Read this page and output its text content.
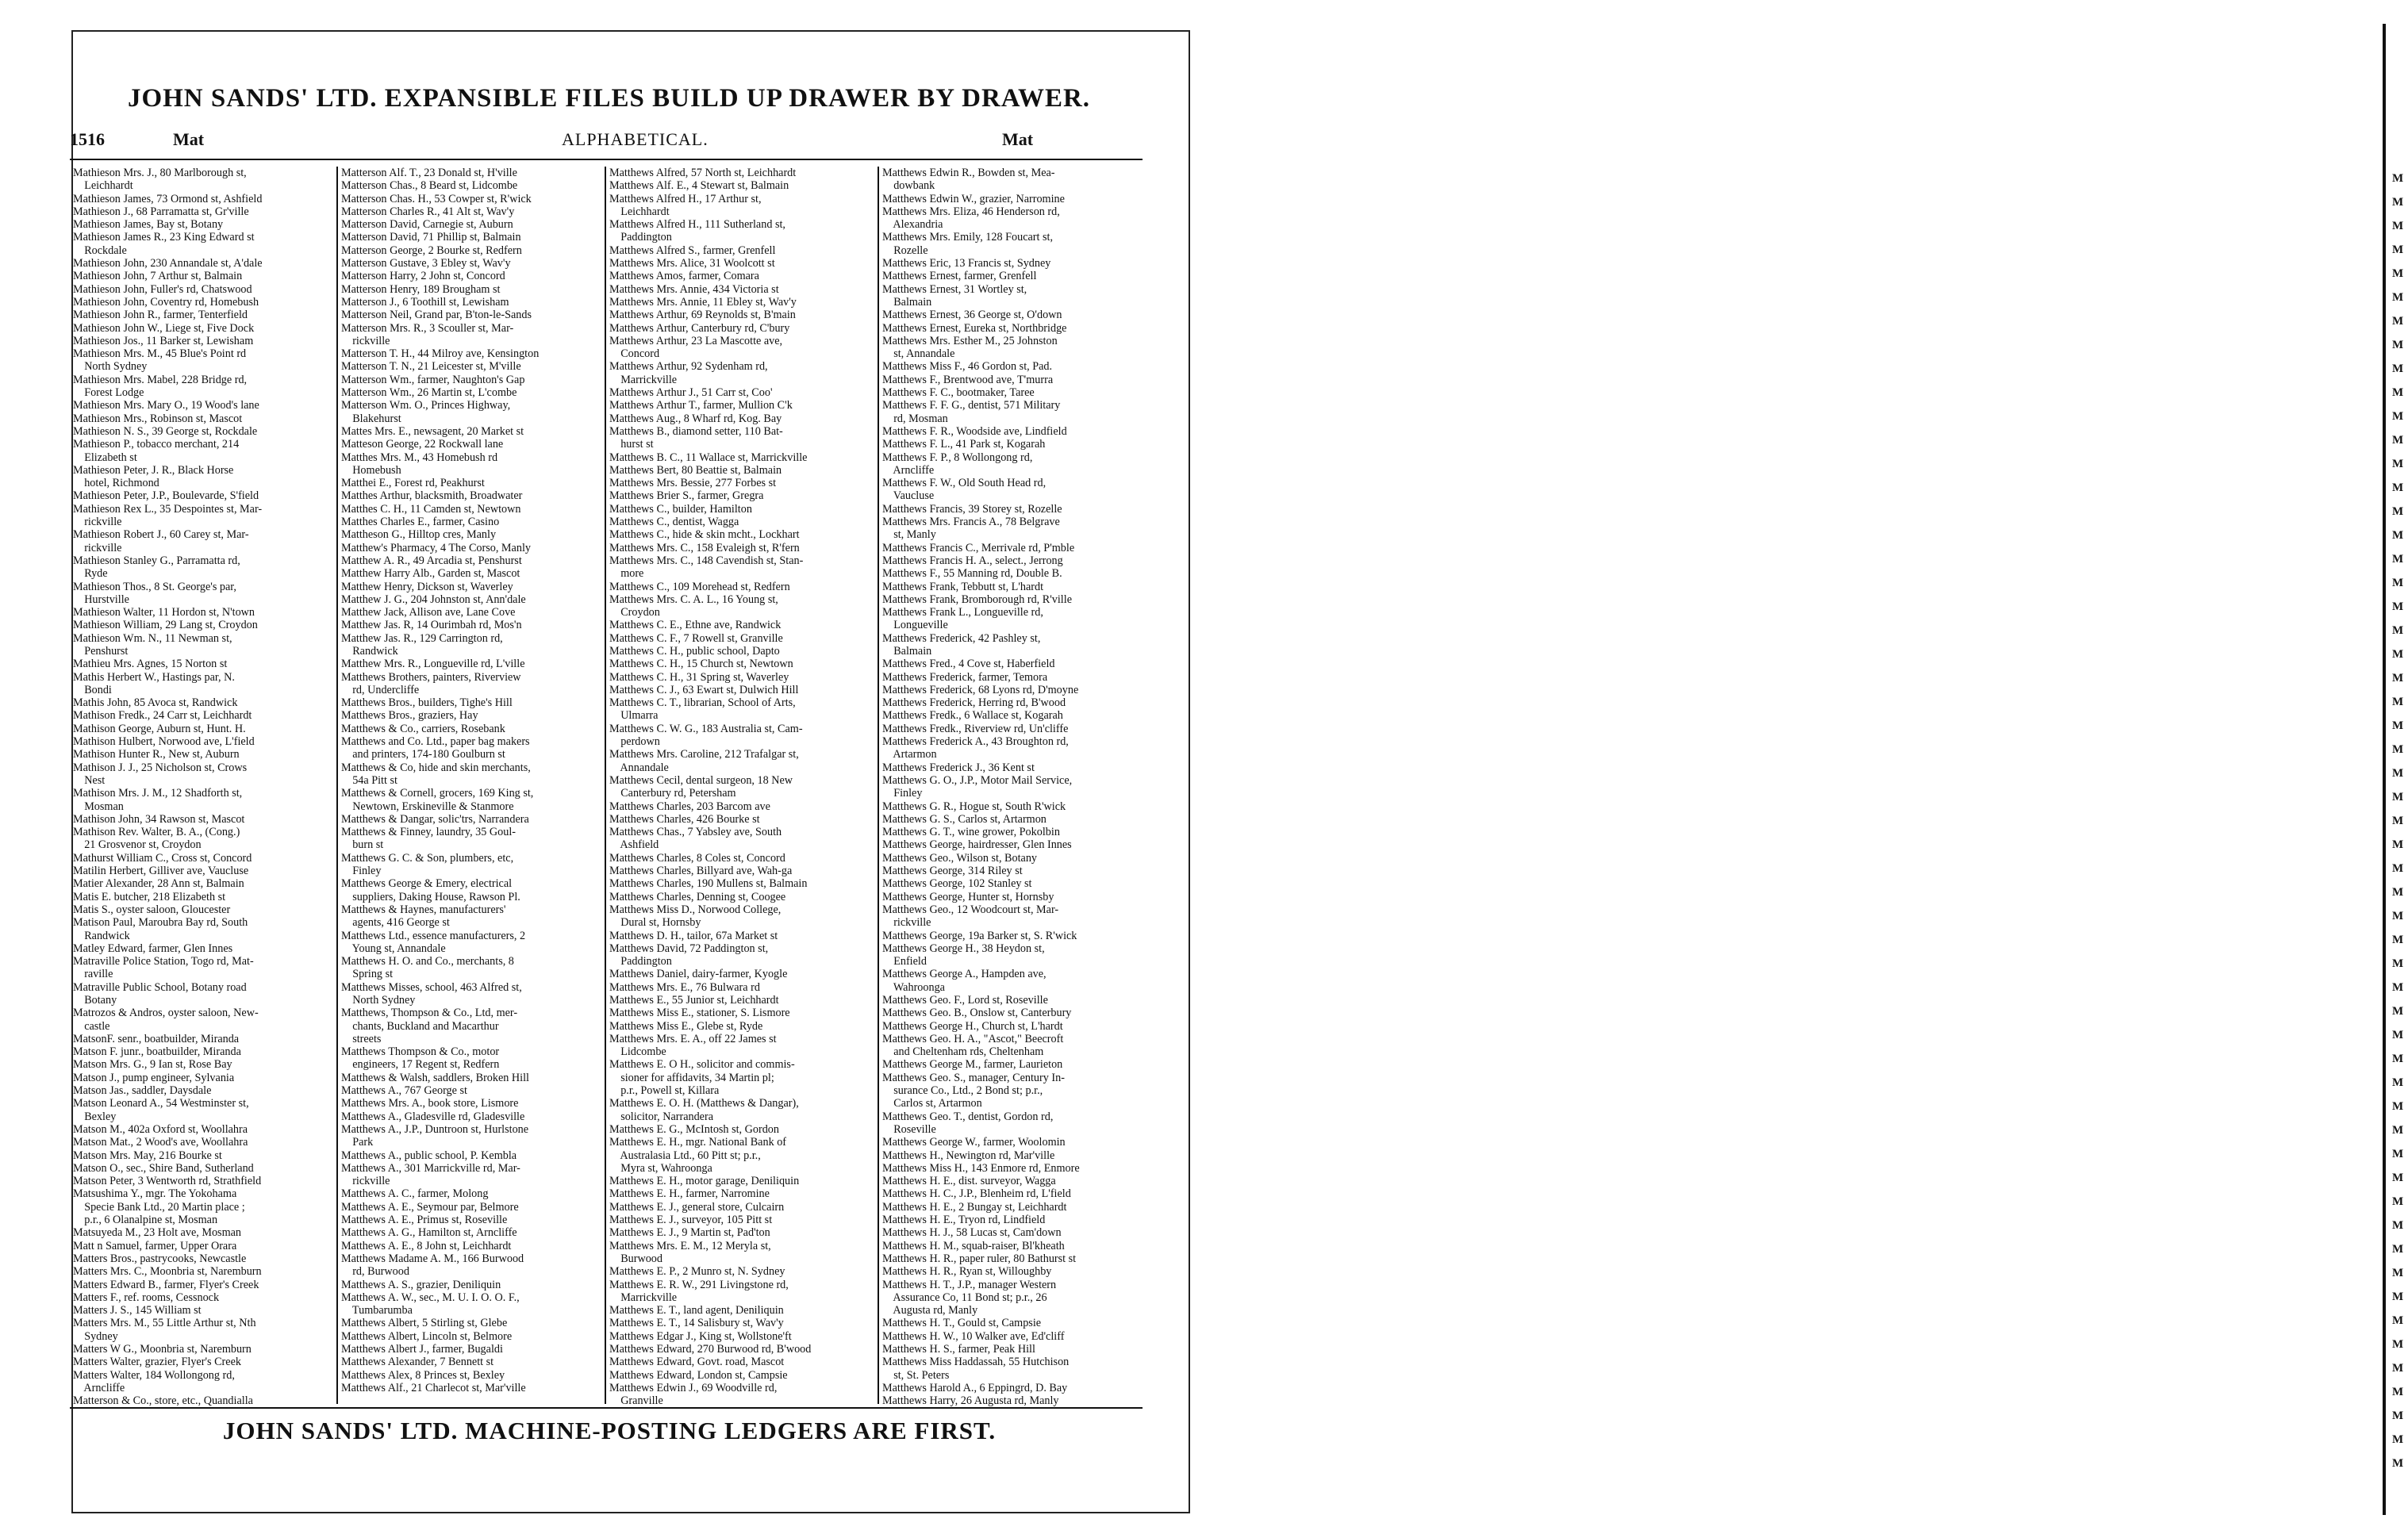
M
M
M
M
M
M
M
M
M
M
M
M
M
M
M
M
M
M
M
M
M
M
M
M
M
M
M
M
M
M
M
M
M
M
M
M
M
M
M
M
M
M
M
M
M
M
M
M
M
M
M
M
M
M
M
JOHN SANDS' LTD. EXPANSIBLE FILES BUILD UP DRAWER BY DRAWER.
1516	Mat	ALPHABETICAL.	Mat
Mathieson Mrs. J., 80 Marlborough st,
Leichhardt
Mathieson James, 73 Ormond st, Ashfield
Mathieson J., 68 Parramatta st, Gr'ville
Mathieson James, Bay st, Botany
Mathieson James R., 23 King Edward st
Rockdale
Mathieson John, 230 Annandale st, A'dale
Mathieson John, 7 Arthur st, Balmain
Mathieson John, Fuller's rd, Chatswood
Mathieson John, Coventry rd, Homebush
Mathieson John R., farmer, Tenterfield
Mathieson John W., Liege st, Five Dock
Mathieson Jos., 11 Barker st, Lewisham
Mathieson Mrs. M., 45 Blue's Point rd
North Sydney
Mathieson Mrs. Mabel, 228 Bridge rd,
Forest Lodge
Mathieson Mrs. Mary O., 19 Wood's lane
Mathieson Mrs., Robinson st, Mascot
Mathieson N. S., 39 George st, Rockdale
Mathieson P., tobacco merchant, 214
Elizabeth st
Mathieson Peter, J. R., Black Horse
hotel, Richmond
Mathieson Peter, J.P., Boulevarde, S'field
Mathieson Rex L., 35 Despointes st, Mar-
rickville
Mathieson Robert J., 60 Carey st, Mar-
rickville
Mathieson Stanley G., Parramatta rd,
Ryde
Mathieson Thos., 8 St. George's par,
Hurstville
Mathieson Walter, 11 Hordon st, N'town
Mathieson William, 29 Lang st, Croydon
Mathieson Wm. N., 11 Newman st,
Penshurst
Mathieu Mrs. Agnes, 15 Norton st
Mathis Herbert W., Hastings par, N.
Bondi
Mathis John, 85 Avoca st, Randwick
Mathison Fredk., 24 Carr st, Leichhardt
Mathison George, Auburn st, Hunt. H.
Mathison Hulbert, Norwood ave, L'field
Mathison Hunter R., New st, Auburn
Mathison J. J., 25 Nicholson st, Crows
Nest
Mathison Mrs. J. M., 12 Shadforth st,
Mosman
Mathison John, 34 Rawson st, Mascot
Mathison Rev. Walter, B. A., (Cong.)
21 Grosvenor st, Croydon
Mathurst William C., Cross st, Concord
Matilin Herbert, Gilliver ave, Vaucluse
Matier Alexander, 28 Ann st, Balmain
Matis E. butcher, 218 Elizabeth st
Matis S., oyster saloon, Gloucester
Matison Paul, Maroubra Bay rd, South
Randwick
Matley Edward, farmer, Glen Innes
Matraville Police Station, Togo rd, Mat-
raville
Matraville Public School, Botany road
Botany
Matrozos & Andros, oyster saloon, New-
castle
MatsonF. senr., boatbuilder, Miranda
Matson F. junr., boatbuilder, Miranda
Matson Mrs. G., 9 Ian st, Rose Bay
Matson J., pump engineer, Sylvania
Matson Jas., saddler, Daysdale
Matson Leonard A., 54 Westminster st,
Bexley
Matson M., 402a Oxford st, Woollahra
Matson Mat., 2 Wood's ave, Woollahra
Matson Mrs. May, 216 Bourke st
Matson O., sec., Shire Band, Sutherland
Matson Peter, 3 Wentworth rd, Strathfield
Matsushima Y., mgr. The Yokohama
Specie Bank Ltd., 20 Martin place ;
p.r., 6 Olanalpine st, Mosman
Matsuyeda M., 23 Holt ave, Mosman
Matt n Samuel, farmer, Upper Orara
Matters Bros., pastrycooks, Newcastle
Matters Mrs. C., Moonbria st, Naremburn
Matters Edward B., farmer, Flyer's Creek
Matters F., ref. rooms, Cessnock
Matters J. S., 145 William st
Matters Mrs. M., 55 Little Arthur st, Nth
Sydney
Matters W G., Moonbria st, Naremburn
Matters Walter, grazier, Flyer's Creek
Matters Walter, 184 Wollongong rd,
Arncliffe
Matterson & Co., store, etc., Quandialla
Matterson Alf. T., 23 Donald st, H'ville
Matterson Chas., 8 Beard st, Lidcombe
Matterson Chas. H., 53 Cowper st, R'wick
Matterson Charles R., 41 Alt st, Wav'y
Matterson David, Carnegie st, Auburn
Matterson David, 71 Phillip st, Balmain
Matterson George, 2 Bourke st, Redfern
Matterson Gustave, 3 Ebley st, Wav'y
Matterson Harry, 2 John st, Concord
Matterson Henry, 189 Brougham st
Matterson J., 6 Toothill st, Lewisham
Matterson Neil, Grand par, B'ton-le-Sands
Matterson Mrs. R., 3 Scouller st, Mar-
rickville
Matterson T. H., 44 Milroy ave, Kensington
Matterson T. N., 21 Leicester st, M'ville
Matterson Wm., farmer, Naughton's Gap
Matterson Wm., 26 Martin st, L'combe
Matterson Wm. O., Princes Highway,
Blakehurst
Mattes Mrs. E., newsagent, 20 Market st
Matteson George, 22 Rockwall lane
Matthes Mrs. M., 43 Homebush rd
Homebush
Matthei E., Forest rd, Peakhurst
Matthes Arthur, blacksmith, Broadwater
Matthes C. H., 11 Camden st, Newtown
Matthes Charles E., farmer, Casino
Mattheson G., Hilltop cres, Manly
Matthew's Pharmacy, 4 The Corso, Manly
Matthew A. R., 49 Arcadia st, Penshurst
Matthew Harry Alb., Garden st, Mascot
Matthew Henry, Dickson st, Waverley
Matthew J. G., 204 Johnston st, Ann'dale
Matthew Jack, Allison ave, Lane Cove
Matthew Jas. R, 14 Ourimbah rd, Mos'n
Matthew Jas. R., 129 Carrington rd,
Randwick
Matthew Mrs. R., Longueville rd, L'ville
Matthews Brothers, painters, Riverview
rd, Undercliffe
Matthews Bros., builders, Tighe's Hill
Matthews Bros., graziers, Hay
Matthews & Co., carriers, Rosebank
Matthews and Co. Ltd., paper bag makers
and printers, 174-180 Goulburn st
Matthews & Co, hide and skin merchants,
54a Pitt st
Matthews & Cornell, grocers, 169 King st,
Newtown, Erskineville & Stanmore
Matthews & Dangar, solic'trs, Narrandera
Matthews & Finney, laundry, 35 Goul-
burn st
Matthews G. C. & Son, plumbers, etc,
Finley
Matthews George & Emery, electrical
suppliers, Daking House, Rawson Pl.
Matthews & Haynes, manufacturers'
agents, 416 George st
Matthews Ltd., essence manufacturers, 2
Young st, Annandale
Matthews H. O. and Co., merchants, 8
Spring st
Matthews Misses, school, 463 Alfred st,
North Sydney
Matthews, Thompson & Co., Ltd, mer-
chants, Buckland and Macarthur
streets
Matthews Thompson & Co., motor
engineers, 17 Regent st, Redfern
Matthews & Walsh, saddlers, Broken Hill
Matthews A., 767 George st
Matthews Mrs. A., book store, Lismore
Matthews A., Gladesville rd, Gladesville
Matthews A., J.P., Duntroon st, Hurlstone
Park
Matthews A., public school, P. Kembla
Matthews A., 301 Marrickville rd, Mar-
rickville
Matthews A. C., farmer, Molong
Matthews A. E., Seymour par, Belmore
Matthews A. E., Primus st, Roseville
Matthews A. G., Hamilton st, Arncliffe
Matthews A. E., 8 John st, Leichhardt
Matthews Madame A. M., 166 Burwood
rd, Burwood
Matthews A. S., grazier, Deniliquin
Matthews A. W., sec., M. U. I. O. O. F.,
Tumbarumba
Matthews Albert, 5 Stirling st, Glebe
Matthews Albert, Lincoln st, Belmore
Matthews Albert J., farmer, Bugaldi
Matthews Alexander, 7 Bennett st
Matthews Alex, 8 Princes st, Bexley
Matthews Alf., 21 Charlecot st, Mar'ville
Matthews Alfred, 57 North st, Leichhardt
Matthews Alf. E., 4 Stewart st, Balmain
Matthews Alfred H., 17 Arthur st,
Leichhardt
Matthews Alfred H., 111 Sutherland st,
Paddington
Matthews Alfred S., farmer, Grenfell
Matthews Mrs. Alice, 31 Woolcott st
Matthews Amos, farmer, Comara
Matthews Mrs. Annie, 434 Victoria st
Matthews Mrs. Annie, 11 Ebley st, Wav'y
Matthews Arthur, 69 Reynolds st, B'main
Matthews Arthur, Canterbury rd, C'bury
Matthews Arthur, 23 La Mascotte ave,
Concord
Matthews Arthur, 92 Sydenham rd,
Marrickville
Matthews Arthur J., 51 Carr st, Coo'
Matthews Arthur T., farmer, Mullion C'k
Matthews Aug., 8 Wharf rd, Kog. Bay
Matthews B., diamond setter, 110 Bat-
hurst st
Matthews B. C., 11 Wallace st, Marrickville
Matthews Bert, 80 Beattie st, Balmain
Matthews Mrs. Bessie, 277 Forbes st
Matthews Brier S., farmer, Gregra
Matthews C., builder, Hamilton
Matthews C., dentist, Wagga
Matthews C., hide & skin mcht., Lockhart
Matthews Mrs. C., 158 Evaleigh st, R'fern
Matthews Mrs. C., 148 Cavendish st, Stan-
more
Matthews C., 109 Morehead st, Redfern
Matthews Mrs. C. A. L., 16 Young st,
Croydon
Matthews C. E., Ethne ave, Randwick
Matthews C. F., 7 Rowell st, Granville
Matthews C. H., public school, Dapto
Matthews C. H., 15 Church st, Newtown
Matthews C. H., 31 Spring st, Waverley
Matthews C. J., 63 Ewart st, Dulwich Hill
Matthews C. T., librarian, School of Arts,
Ulmarra
Matthews C. W. G., 183 Australia st, Cam-
perdown
Matthews Mrs. Caroline, 212 Trafalgar st,
Annandale
Matthews Cecil, dental surgeon, 18 New
Canterbury rd, Petersham
Matthews Charles, 203 Barcom ave
Matthews Charles, 426 Bourke st
Matthews Chas., 7 Yabsley ave, South
Ashfield
Matthews Charles, 8 Coles st, Concord
Matthews Charles, Billyard ave, Wah-ga
Matthews Charles, 190 Mullens st, Balmain
Matthews Charles, Denning st, Coogee
Matthews Miss D., Norwood College,
Dural st, Hornsby
Matthews D. H., tailor, 67a Market st
Matthews David, 72 Paddington st,
Paddington
Matthews Daniel, dairy-farmer, Kyogle
Matthews Mrs. E., 76 Bulwara rd
Matthews E., 55 Junior st, Leichhardt
Matthews Miss E., stationer, S. Lismore
Matthews Miss E., Glebe st, Ryde
Matthews Mrs. E. A., off 22 James st
Lidcombe
Matthews E. O H., solicitor and commis-
sioner for affidavits, 34 Martin pl;
p.r., Powell st, Killara
Matthews E. O. H. (Matthews & Dangar),
solicitor, Narrandera
Matthews E. G., McIntosh st, Gordon
Matthews E. H., mgr. National Bank of
Australasia Ltd., 60 Pitt st; p.r.,
Myra st, Wahroonga
Matthews E. H., motor garage, Deniliquin
Matthews E. H., farmer, Narromine
Matthews E. J., general store, Culcairn
Matthews E. J., surveyor, 105 Pitt st
Matthews E. J., 9 Martin st, Pad'ton
Matthews Mrs. E. M., 12 Meryla st,
Burwood
Matthews E. P., 2 Munro st, N. Sydney
Matthews E. R. W., 291 Livingstone rd,
Marrickville
Matthews E. T., land agent, Deniliquin
Matthews E. T., 14 Salisbury st, Wav'y
Matthews Edgar J., King st, Wollstone'ft
Matthews Edward, 270 Burwood rd, B'wood
Matthews Edward, Govt. road, Mascot
Matthews Edward, London st, Campsie
Matthews Edwin J., 69 Woodville rd,
Granville
Matthews Edwin R., Bowden st, Mea-
dowbank
Matthews Edwin W., grazier, Narromine
Matthews Mrs. Eliza, 46 Henderson rd,
Alexandria
Matthews Mrs. Emily, 128 Foucart st,
Rozelle
Matthews Eric, 13 Francis st, Sydney
Matthews Ernest, farmer, Grenfell
Matthews Ernest, 31 Wortley st,
Balmain
Matthews Ernest, 36 George st, O'down
Matthews Ernest, Eureka st, Northbridge
Matthews Mrs. Esther M., 25 Johnston
st, Annandale
Matthews Miss F., 46 Gordon st, Pad.
Matthews F., Brentwood ave, T'murra
Matthews F. C., bootmaker, Taree
Matthews F. F. G., dentist, 571 Military
rd, Mosman
Matthews F. R., Woodside ave, Lindfield
Matthews F. L., 41 Park st, Kogarah
Matthews F. P., 8 Wollongong rd,
Arncliffe
Matthews F. W., Old South Head rd,
Vaucluse
Matthews Francis, 39 Storey st, Rozelle
Matthews Mrs. Francis A., 78 Belgrave
st, Manly
Matthews Francis C., Merrivale rd, P'mble
Matthews Francis H. A., select., Jerrong
Matthews F., 55 Manning rd, Double B.
Matthews Frank, Tebbutt st, L'hardt
Matthews Frank, Bromborough rd, R'ville
Matthews Frank L., Longueville rd,
Longueville
Matthews Frederick, 42 Pashley st,
Balmain
Matthews Fred., 4 Cove st, Haberfield
Matthews Frederick, farmer, Temora
Matthews Frederick, 68 Lyons rd, D'moyne
Matthews Frederick, Herring rd, B'wood
Matthews Fredk., 6 Wallace st, Kogarah
Matthews Fredk., Riverview rd, Un'cliffe
Matthews Frederick A., 43 Broughton rd,
Artarmon
Matthews Frederick J., 36 Kent st
Matthews G. O., J.P., Motor Mail Service,
Finley
Matthews G. R., Hogue st, South R'wick
Matthews G. S., Carlos st, Artarmon
Matthews G. T., wine grower, Pokolbin
Matthews George, hairdresser, Glen Innes
Matthews Geo., Wilson st, Botany
Matthews George, 314 Riley st
Matthews George, 102 Stanley st
Matthews George, Hunter st, Hornsby
Matthews Geo., 12 Woodcourt st, Mar-
rickville
Matthews George, 19a Barker st, S. R'wick
Matthews George H., 38 Heydon st,
Enfield
Matthews George A., Hampden ave,
Wahroonga
Matthews Geo. F., Lord st, Roseville
Matthews Geo. B., Onslow st, Canterbury
Matthews George H., Church st, L'hardt
Matthews Geo. H. A., "Ascot," Beecroft
and Cheltenham rds, Cheltenham
Matthews George M., farmer, Laurieton
Matthews Geo. S., manager, Century In-
surance Co., Ltd., 2 Bond st; p.r.,
Carlos st, Artarmon
Matthews Geo. T., dentist, Gordon rd,
Roseville
Matthews George W., farmer, Woolomin
Matthews H., Newington rd, Mar'ville
Matthews Miss H., 143 Enmore rd, Enmore
Matthews H. E., dist. surveyor, Wagga
Matthews H. C., J.P., Blenheim rd, L'field
Matthews H. E., 2 Bungay st, Leichhardt
Matthews H. E., Tryon rd, Lindfield
Matthews H. J., 58 Lucas st, Cam'down
Matthews H. M., squab-raiser, Bl'kheath
Matthews H. R., paper ruler, 80 Bathurst st
Matthews H. R., Ryan st, Willoughby
Matthews H. T., J.P., manager Western
Assurance Co, 11 Bond st; p.r., 26
Augusta rd, Manly
Matthews H. T., Gould st, Campsie
Matthews H. W., 10 Walker ave, Ed'cliff
Matthews H. S., farmer, Peak Hill
Matthews Miss Haddassah, 55 Hutchison
st, St. Peters
Matthews Harold A., 6 Eppingrd, D. Bay
Matthews Harry, 26 Augusta rd, Manly
JOHN SANDS' LTD. MACHINE-POSTING LEDGERS ARE FIRST.
